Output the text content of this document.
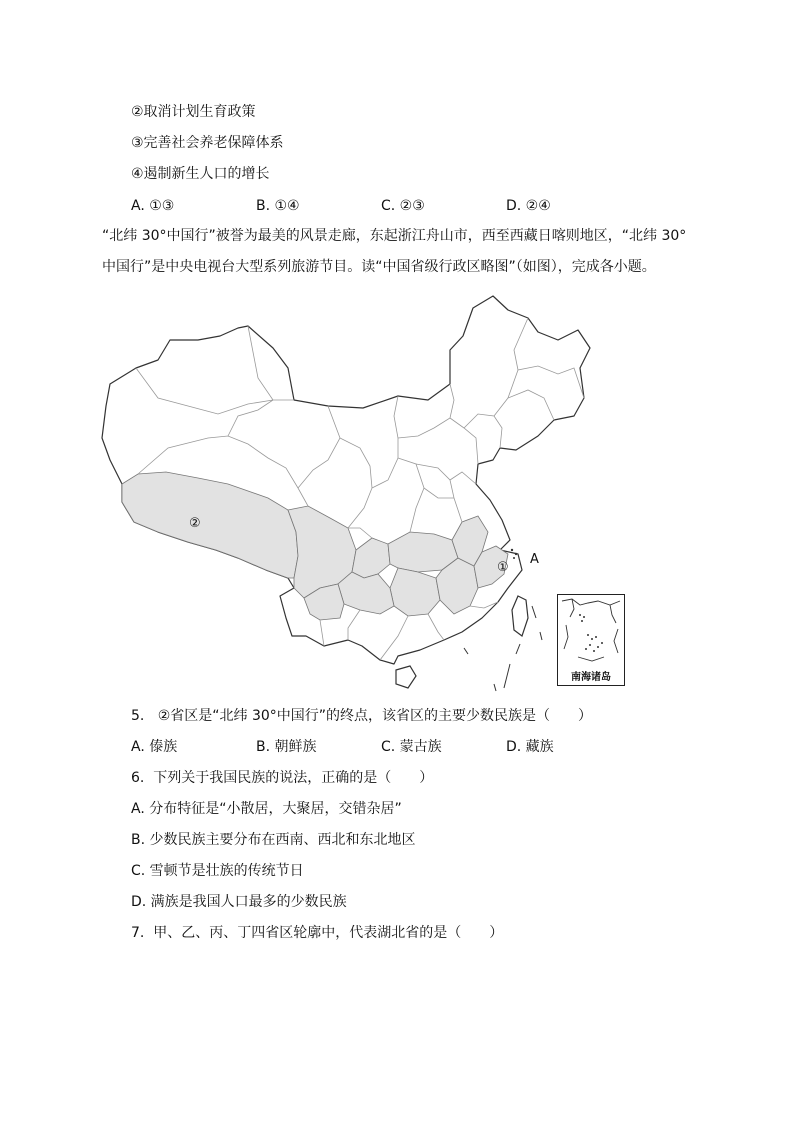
②取消计划生育政策
③完善社会养老保障体系
④遏制新生人口的增长
A. ①③	B. ①④	C. ②③	D. ②④
“北纬 30°中国行”被誉为最美的风景走廊，东起浙江舟山市，西至西藏日喀则地区，“北纬 30°
中国行”是中央电视台大型系列旅游节目。读“中国省级行政区略图”（如图），完成各小题。
②
①
A
南海诸岛
5. ②省区是“北纬 30°中国行”的终点，该省区的主要少数民族是（　　）
A. 傣族	B. 朝鲜族	C. 蒙古族	D. 藏族
6. 下列关于我国民族的说法，正确的是（　　）
A. 分布特征是“小散居，大聚居，交错杂居”
B. 少数民族主要分布在西南、西北和东北地区
C. 雪顿节是壮族的传统节日
D. 满族是我国人口最多的少数民族
7. 甲、乙、丙、丁四省区轮廓中，代表湖北省的是（　　）
